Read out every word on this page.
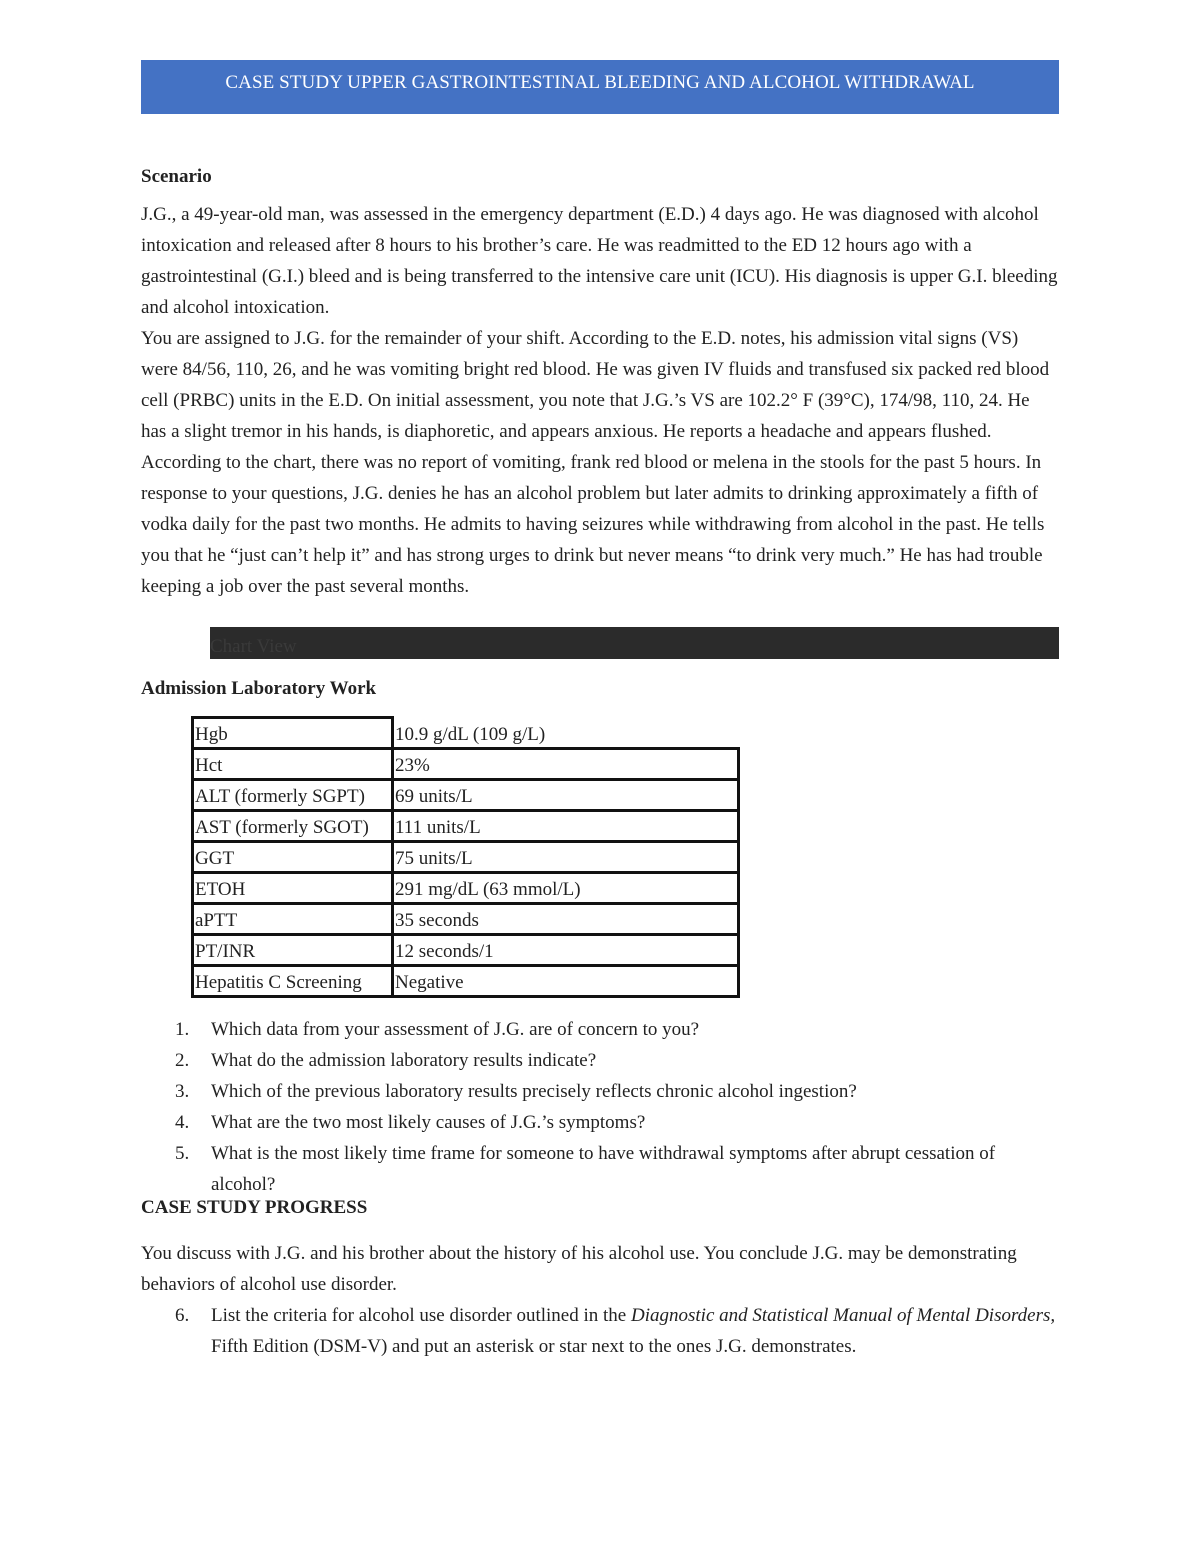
CASE STUDY UPPER GASTROINTESTINAL BLEEDING AND ALCOHOL WITHDRAWAL
Scenario

J.G., a 49-year-old man, was assessed in the emergency department (E.D.) 4 days ago. He was diagnosed with alcohol intoxication and released after 8 hours to his brother’s care. He was readmitted to the ED 12 hours ago with a gastrointestinal (G.I.) bleed and is being transferred to the intensive care unit (ICU). His diagnosis is upper G.I. bleeding and alcohol intoxication.

You are assigned to J.G. for the remainder of your shift. According to the E.D. notes, his admission vital signs (VS) were 84/56, 110, 26, and he was vomiting bright red blood. He was given IV fluids and transfused six packed red blood cell (PRBC) units in the E.D. On initial assessment, you note that J.G.’s VS are 102.2° F (39°C), 174/98, 110, 24. He has a slight tremor in his hands, is diaphoretic, and appears anxious. He reports a headache and appears flushed. According to the chart, there was no report of vomiting, frank red blood or melena in the stools for the past 5 hours. In response to your questions, J.G. denies he has an alcohol problem but later admits to drinking approximately a fifth of vodka daily for the past two months. He admits to having seizures while withdrawing from alcohol in the past. He tells you that he “just can’t help it” and has strong urges to drink but never means “to drink very much.” He has had trouble keeping a job over the past several months.

Chart View
Admission Laboratory Work
Hgb	10.9 g/dL (109 g/L)
Hct	23%
ALT (formerly SGPT)	69 units/L
AST (formerly SGOT)	111 units/L
GGT	75 units/L
ETOH	291 mg/dL (63 mmol/L)
aPTT	35 seconds
PT/INR	12 seconds/1
Hepatitis C Screening	Negative
1. Which data from your assessment of J.G. are of concern to you?
2. What do the admission laboratory results indicate?
3. Which of the previous laboratory results precisely reflects chronic alcohol ingestion?
4. What are the two most likely causes of J.G.’s symptoms?
5. What is the most likely time frame for someone to have withdrawal symptoms after abrupt cessation of alcohol?
CASE STUDY PROGRESS

You discuss with J.G. and his brother about the history of his alcohol use. You conclude J.G. may be demonstrating behaviors of alcohol use disorder.

6. List the criteria for alcohol use disorder outlined in the Diagnostic and Statistical Manual of Mental Disorders, Fifth Edition (DSM-V) and put an asterisk or star next to the ones J.G. demonstrates.
